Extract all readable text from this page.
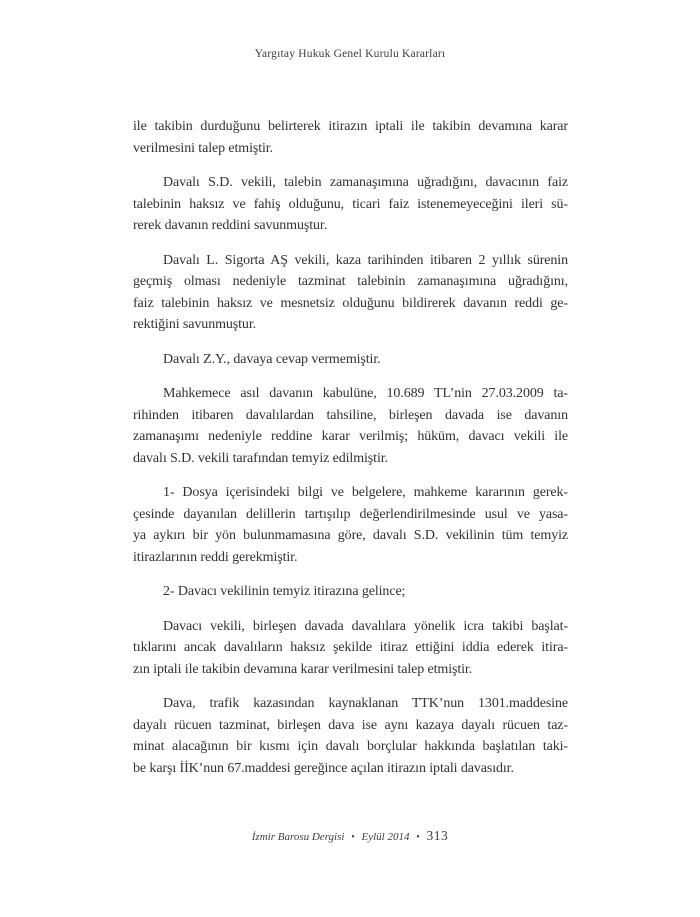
Yargıtay Hukuk Genel Kurulu Kararları
ile takibin durduğunu belirterek itirazın iptali ile takibin devamına karar
verilmesini talep etmiştir.
Davalı S.D. vekili, talebin zamanaşımına uğradığını, davacının faiz
talebinin haksız ve fahiş olduğunu, ticari faiz istenemeyeceğini ileri sü-
rerek davanın reddini savunmuştur.
Davalı L. Sigorta AŞ vekili, kaza tarihinden itibaren 2 yıllık sürenin
geçmiş olması nedeniyle tazminat talebinin zamanaşımına uğradığını,
faiz talebinin haksız ve mesnetsiz olduğunu bildirerek davanın reddi ge-
rektiğini savunmuştur.
Davalı Z.Y., davaya cevap vermemiştir.
Mahkemece asıl davanın kabulüne, 10.689 TL’nin 27.03.2009 ta-
rihinden itibaren davalılardan tahsiline, birleşen davada ise davanın
zamanaşımı nedeniyle reddine karar verilmiş; hüküm, davacı vekili ile
davalı S.D. vekili tarafından temyiz edilmiştir.
1- Dosya içerisindeki bilgi ve belgelere, mahkeme kararının gerek-
çesinde dayanılan delillerin tartışılıp değerlendirilmesinde usul ve yasa-
ya aykırı bir yön bulunmamasına göre, davalı S.D. vekilinin tüm temyiz
itirazlarının reddi gerekmiştir.
2- Davacı vekilinin temyiz itirazına gelince;
Davacı vekili, birleşen davada davalılara yönelik icra takibi başlat-
tıklarını ancak davalıların haksız şekilde itiraz ettiğini iddia ederek itira-
zın iptali ile takibin devamına karar verilmesini talep etmiştir.
Dava, trafik kazasından kaynaklanan TTK’nun 1301.maddesine
dayalı rücuen tazminat, birleşen dava ise aynı kazaya dayalı rücuen taz-
minat alacağının bir kısmı için davalı borçlular hakkında başlatılan taki-
be karşı İİK’nun 67.maddesi gereğince açılan itirazın iptali davasıdır.
İzmir Barosu Dergisi • Eylül 2014 • 313
